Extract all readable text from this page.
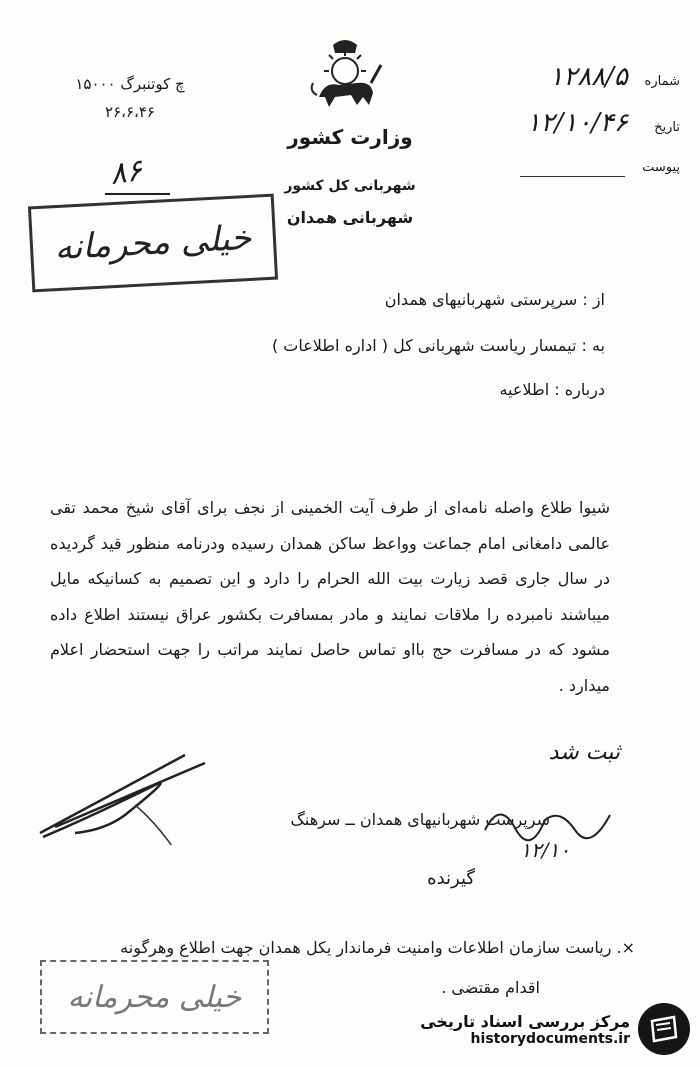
چ کوتنبرگ ۱۵۰۰۰
۲۶،۶،۴۶
۸۶
خیلی محرمانه
وزارت کشور
شهربانی کل کشور
شهربانی همدان
شماره ۱۲۸۸/۵
تاریخ ۱۲/۱۰/۴۶
پیوست
از : سرپرستی شهربانیهای همدان
به : تیمسار ریاست شهربانی کل ( اداره اطلاعات )
درباره : اطلاعیه
شیوا طلاع واصله نامه‌ای از طرف آیت الخمینی از نجف برای آقای شیخ محمد تقی عالمی دامغانی امام جماعت وواعظ ساکن همدان رسیده ودرنامه منظور قید گردیده در سال جاری قصد زیارت بیت الله الحرام را دارد و این تصمیم به کسانیکه مایل میباشند نامبرده را ملاقات نمایند و مادر بمسافرت بکشور عراق نیستند اطلاع داده مشود که در مسافرت حج بااو تماس حاصل نمایند مراتب را جهت استحضار اعلام میدارد .
ثبت شد
۱۲/۱۰
سرپرست شهربانیهای همدان ــ سرهنگ
گیرنده
×. ریاست سازمان اطلاعات وامنیت فرماندار یکل همدان جهت اطلاع وهرگونه
اقدام مقتضی .
خیلی محرمانه
مرکز بررسی اسناد تاریخی
historydocuments.ir
